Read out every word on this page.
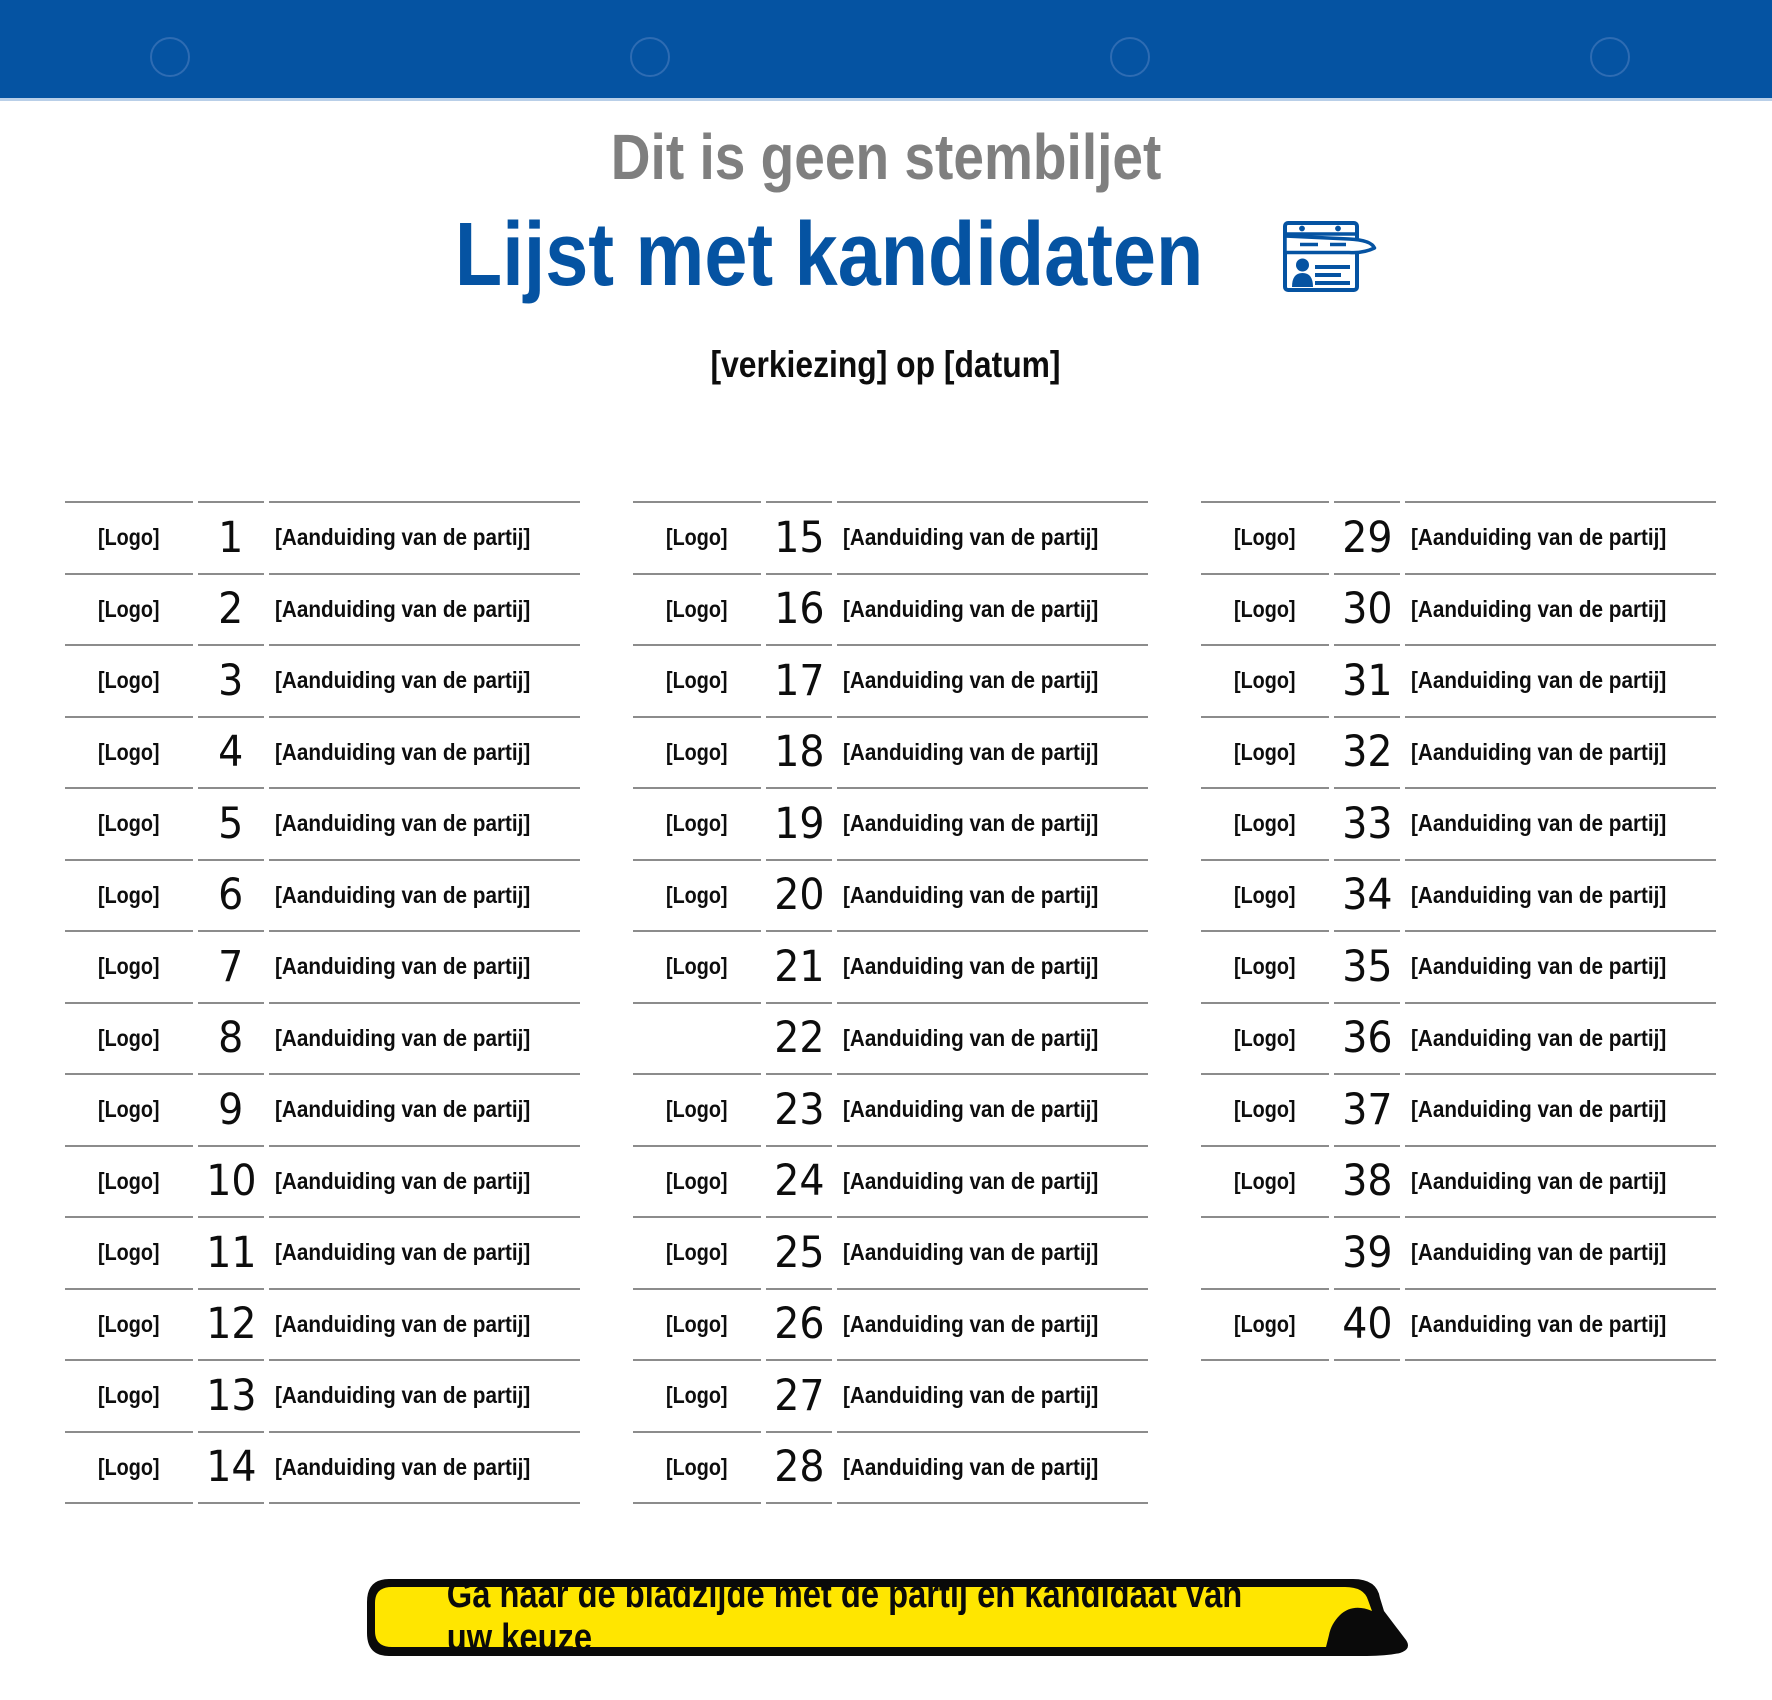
Dit is geen stembiljet
Lijst met kandidaten
[verkiezing] op [datum]
[Logo] 1 [Aanduiding van de partij]
[Logo] 2 [Aanduiding van de partij]
[Logo] 3 [Aanduiding van de partij]
[Logo] 4 [Aanduiding van de partij]
[Logo] 5 [Aanduiding van de partij]
[Logo] 6 [Aanduiding van de partij]
[Logo] 7 [Aanduiding van de partij]
[Logo] 8 [Aanduiding van de partij]
[Logo] 9 [Aanduiding van de partij]
[Logo] 10 [Aanduiding van de partij]
[Logo] 11 [Aanduiding van de partij]
[Logo] 12 [Aanduiding van de partij]
[Logo] 13 [Aanduiding van de partij]
[Logo] 14 [Aanduiding van de partij]
[Logo] 15 [Aanduiding van de partij]
[Logo] 16 [Aanduiding van de partij]
[Logo] 17 [Aanduiding van de partij]
[Logo] 18 [Aanduiding van de partij]
[Logo] 19 [Aanduiding van de partij]
[Logo] 20 [Aanduiding van de partij]
[Logo] 21 [Aanduiding van de partij]
22 [Aanduiding van de partij]
[Logo] 23 [Aanduiding van de partij]
[Logo] 24 [Aanduiding van de partij]
[Logo] 25 [Aanduiding van de partij]
[Logo] 26 [Aanduiding van de partij]
[Logo] 27 [Aanduiding van de partij]
[Logo] 28 [Aanduiding van de partij]
[Logo] 29 [Aanduiding van de partij]
[Logo] 30 [Aanduiding van de partij]
[Logo] 31 [Aanduiding van de partij]
[Logo] 32 [Aanduiding van de partij]
[Logo] 33 [Aanduiding van de partij]
[Logo] 34 [Aanduiding van de partij]
[Logo] 35 [Aanduiding van de partij]
[Logo] 36 [Aanduiding van de partij]
[Logo] 37 [Aanduiding van de partij]
[Logo] 38 [Aanduiding van de partij]
39 [Aanduiding van de partij]
[Logo] 40 [Aanduiding van de partij]
Ga naar de bladzijde met de partij en kandidaat van uw keuze
